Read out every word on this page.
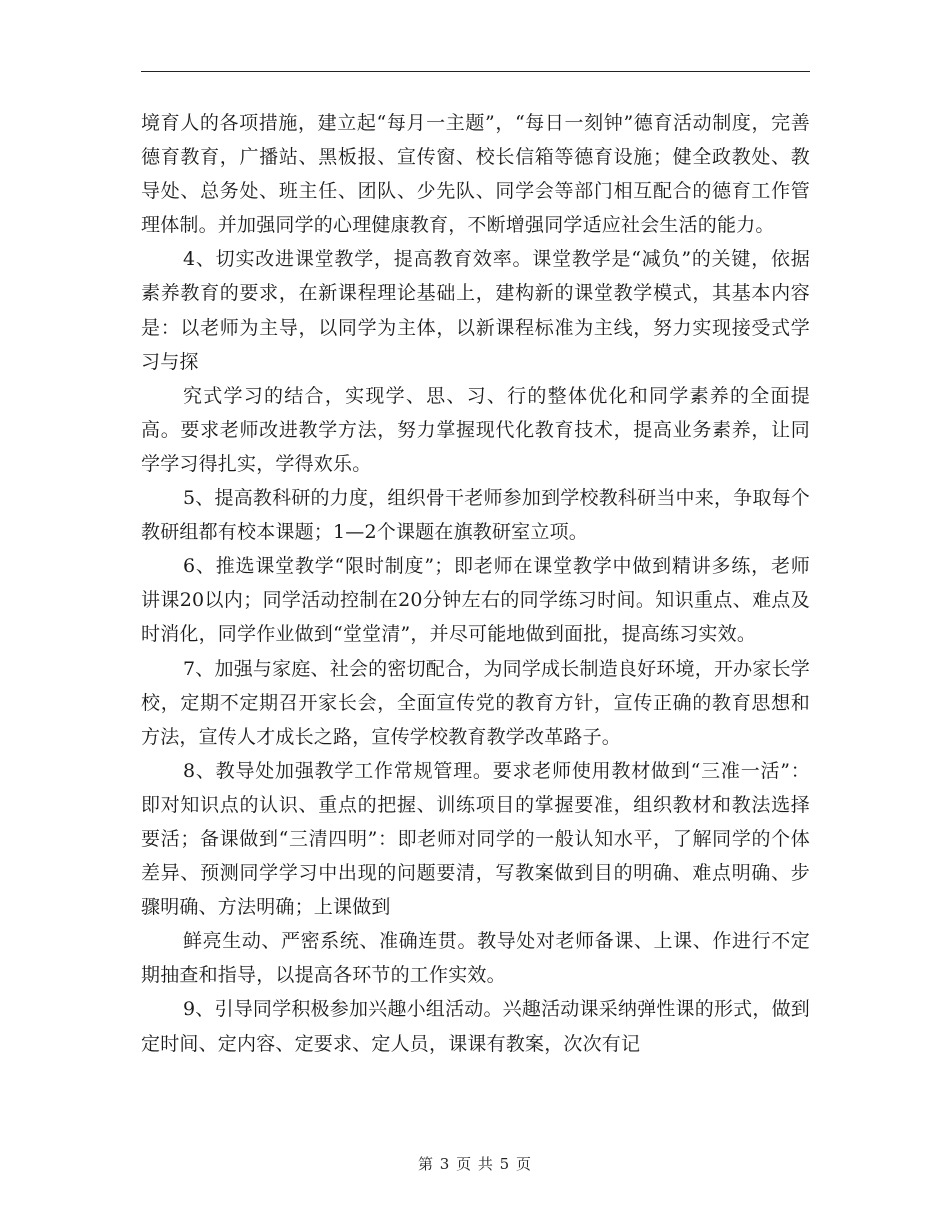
境育人的各项措施，建立起“每月一主题”，“每日一刻钟”德育活动制度，完善德育教育，广播站、黑板报、宣传窗、校长信箱等德育设施；健全政教处、教导处、总务处、班主任、团队、少先队、同学会等部门相互配合的德育工作管理体制。并加强同学的心理健康教育，不断增强同学适应社会生活的能力。

4、切实改进课堂教学，提高教育效率。课堂教学是“减负”的关键，依据素养教育的要求，在新课程理论基础上，建构新的课堂教学模式，其基本内容是：以老师为主导，以同学为主体，以新课程标准为主线，努力实现接受式学习与探

究式学习的结合，实现学、思、习、行的整体优化和同学素养的全面提高。要求老师改进教学方法，努力掌握现代化教育技术，提高业务素养，让同学学习得扎实，学得欢乐。

5、提高教科研的力度，组织骨干老师参加到学校教科研当中来，争取每个教研组都有校本课题；1—2个课题在旗教研室立项。

6、推选课堂教学“限时制度”；即老师在课堂教学中做到精讲多练，老师讲课20以内；同学活动控制在20分钟左右的同学练习时间。知识重点、难点及时消化，同学作业做到“堂堂清”，并尽可能地做到面批，提高练习实效。

7、加强与家庭、社会的密切配合，为同学成长制造良好环境，开办家长学校，定期不定期召开家长会，全面宣传党的教育方针，宣传正确的教育思想和方法，宣传人才成长之路，宣传学校教育教学改革路子。

8、教导处加强教学工作常规管理。要求老师使用教材做到“三准一活”：即对知识点的认识、重点的把握、训练项目的掌握要准，组织教材和教法选择要活；备课做到“三清四明”：即老师对同学的一般认知水平，了解同学的个体差异、预测同学学习中出现的问题要清，写教案做到目的明确、难点明确、步骤明确、方法明确；上课做到

鲜亮生动、严密系统、准确连贯。教导处对老师备课、上课、作进行不定期抽查和指导，以提高各环节的工作实效。

9、引导同学积极参加兴趣小组活动。兴趣活动课采纳弹性课的形式，做到定时间、定内容、定要求、定人员，课课有教案，次次有记

第 3 页 共 5 页
